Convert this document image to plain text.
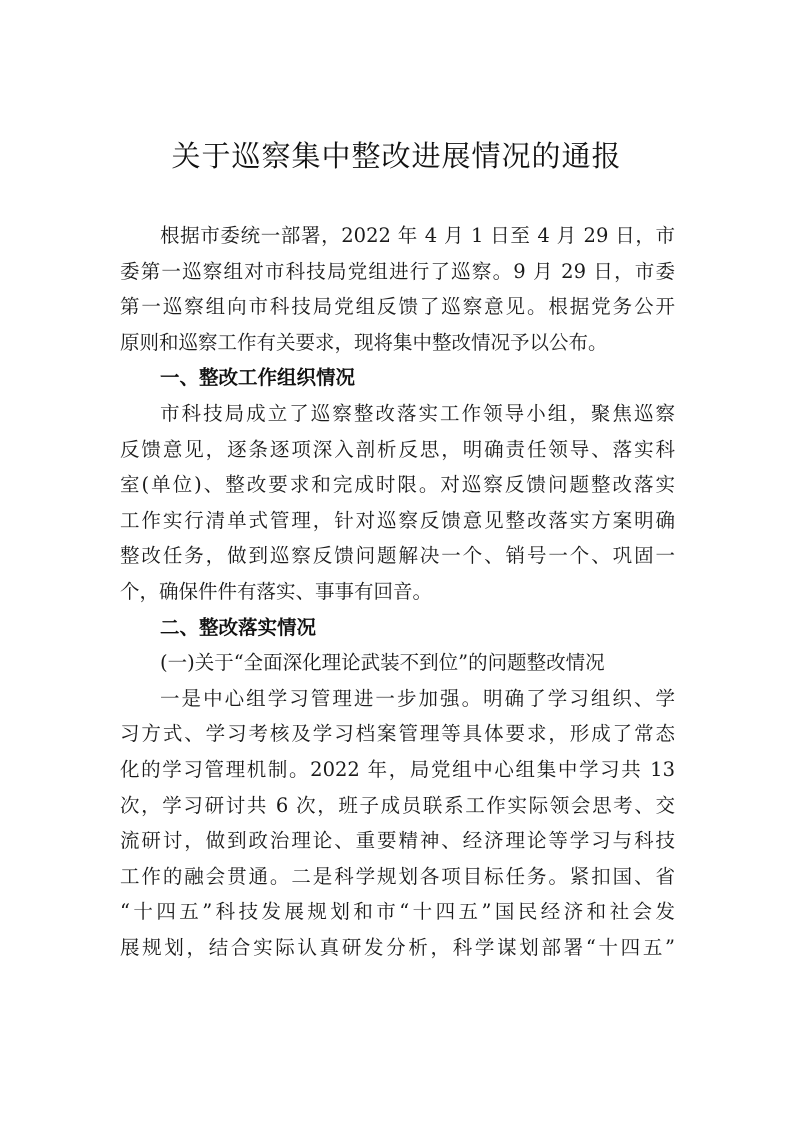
关于巡察集中整改进展情况的通报
根据市委统一部署，2022 年 4 月 1 日至 4 月 29 日，市
委第一巡察组对市科技局党组进行了巡察。9 月 29 日，市委
第一巡察组向市科技局党组反馈了巡察意见。根据党务公开
原则和巡察工作有关要求，现将集中整改情况予以公布。
一、整改工作组织情况
市科技局成立了巡察整改落实工作领导小组，聚焦巡察
反馈意见，逐条逐项深入剖析反思，明确责任领导、落实科
室(单位)、整改要求和完成时限。对巡察反馈问题整改落实
工作实行清单式管理，针对巡察反馈意见整改落实方案明确
整改任务，做到巡察反馈问题解决一个、销号一个、巩固一
个，确保件件有落实、事事有回音。
二、整改落实情况
(一)关于“全面深化理论武装不到位”的问题整改情况
一是中心组学习管理进一步加强。明确了学习组织、学
习方式、学习考核及学习档案管理等具体要求，形成了常态
化的学习管理机制。2022 年，局党组中心组集中学习共 13
次，学习研讨共 6 次，班子成员联系工作实际领会思考、交
流研讨，做到政治理论、重要精神、经济理论等学习与科技
工作的融会贯通。二是科学规划各项目标任务。紧扣国、省
“十四五”科技发展规划和市“十四五”国民经济和社会发
展规划，结合实际认真研发分析，科学谋划部署“十四五”
